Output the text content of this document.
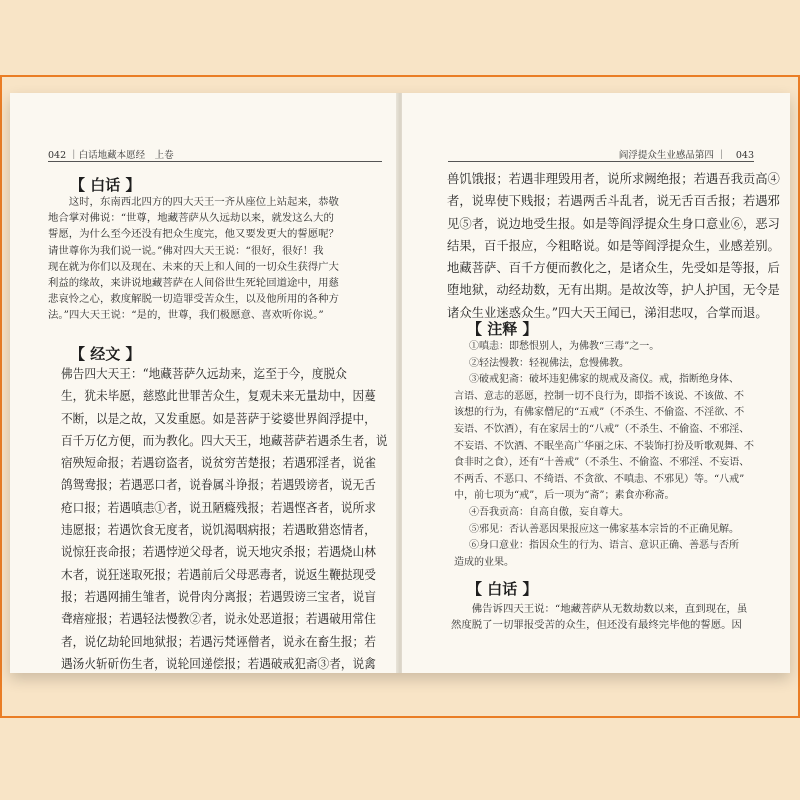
042 ｜白话地藏本愿经　上卷
【 白话 】
　　这时，东南西北四方的四大天王一齐从座位上站起来，恭敬
地合掌对佛说：“世尊，地藏菩萨从久远劫以来，就发这么大的
誓愿，为什么至今还没有把众生度完，他又要发更大的誓愿呢？
请世尊你为我们说一说。”佛对四大天王说：“很好，很好！我
现在就为你们以及现在、未来的天上和人间的一切众生获得广大
利益的缘故，来讲说地藏菩萨在人间俗世生死轮回道途中，用慈
悲哀怜之心，救度解脱一切造罪受苦众生，以及他所用的各种方
法。”四大天王说：“是的，世尊，我们极愿意、喜欢听你说。”
【 经文 】
佛告四大天王：“地藏菩萨久远劫来，迄至于今，度脱众
生，犹未毕愿，慈愍此世罪苦众生，复观未来无量劫中，因蔓
不断，以是之故，又发重愿。如是菩萨于娑婆世界阎浮提中，
百千万亿方便，而为教化。四大天王，地藏菩萨若遇杀生者，说
宿殃短命报；若遇窃盗者，说贫穷苦楚报；若遇邪淫者，说雀
鸽鸳鸯报；若遇恶口者，说眷属斗诤报；若遇毁谤者，说无舌
疮口报；若遇嗔恚①者，说丑陋癃残报；若遇悭吝者，说所求
违愿报；若遇饮食无度者，说饥渴咽病报；若遇畋猎恣情者，
说惊狂丧命报；若遇悖逆父母者，说天地灾杀报；若遇烧山林
木者，说狂迷取死报；若遇前后父母恶毒者，说返生鞭挞现受
报；若遇网捕生雏者，说骨肉分离报；若遇毁谤三宝者，说盲
聋瘖痖报；若遇轻法慢教②者，说永处恶道报；若遇破用常住
者，说亿劫轮回地狱报；若遇污梵诬僧者，说永在畜生报；若
遇汤火斩斫伤生者，说轮回递偿报；若遇破戒犯斋③者，说禽
阎浮提众生业感品第四 ｜　043
兽饥饿报；若遇非理毁用者，说所求阙绝报；若遇吾我贡高④
者，说卑使下贱报；若遇两舌斗乱者，说无舌百舌报；若遇邪
见⑤者，说边地受生报。如是等阎浮提众生身口意业⑥，恶习
结果，百千报应，今粗略说。如是等阎浮提众生，业感差别。
地藏菩萨、百千方便而教化之，是诸众生，先受如是等报，后
堕地狱，动经劫数，无有出期。是故汝等，护人护国，无令是
诸众生业迷惑众生。”四大天王闻已，涕泪悲叹，合掌而退。
【 注释 】
①嗔恚：即愁恨别人，为佛教“三毒”之一。
②轻法慢教：轻视佛法，怠慢佛教。
③破戒犯斋：破坏违犯佛家的规戒及斋仪。戒，指断绝身体、
言语、意志的恶愿，控制一切不良行为，即指不该说、不该做、不
该想的行为，有佛家僧尼的“五戒”（不杀生、不偷盗、不淫欲、不
妄语、不饮酒），有在家居士的“八戒”（不杀生、不偷盗、不邪淫、
不妄语、不饮酒、不眠坐高广华丽之床、不装饰打扮及听歌观舞、不
食非时之食），还有“十善戒”（不杀生、不偷盗、不邪淫、不妄语、
不两舌、不恶口、不绮语、不贪欲、不嗔恚、不邪见）等。“八戒”
中，前七项为“戒”，后一项为“斋”；素食亦称斋。
④吾我贡高：自高自傲，妄自尊大。
⑤邪见：否认善恶因果报应这一佛家基本宗旨的不正确见解。
⑥身口意业：指因众生的行为、语言、意识正确、善恶与否所
造成的业果。
【 白话 】
　　佛告诉四天王说：“地藏菩萨从无数劫数以来，直到现在，虽
然度脱了一切罪报受苦的众生，但还没有最终完毕他的誓愿。因
